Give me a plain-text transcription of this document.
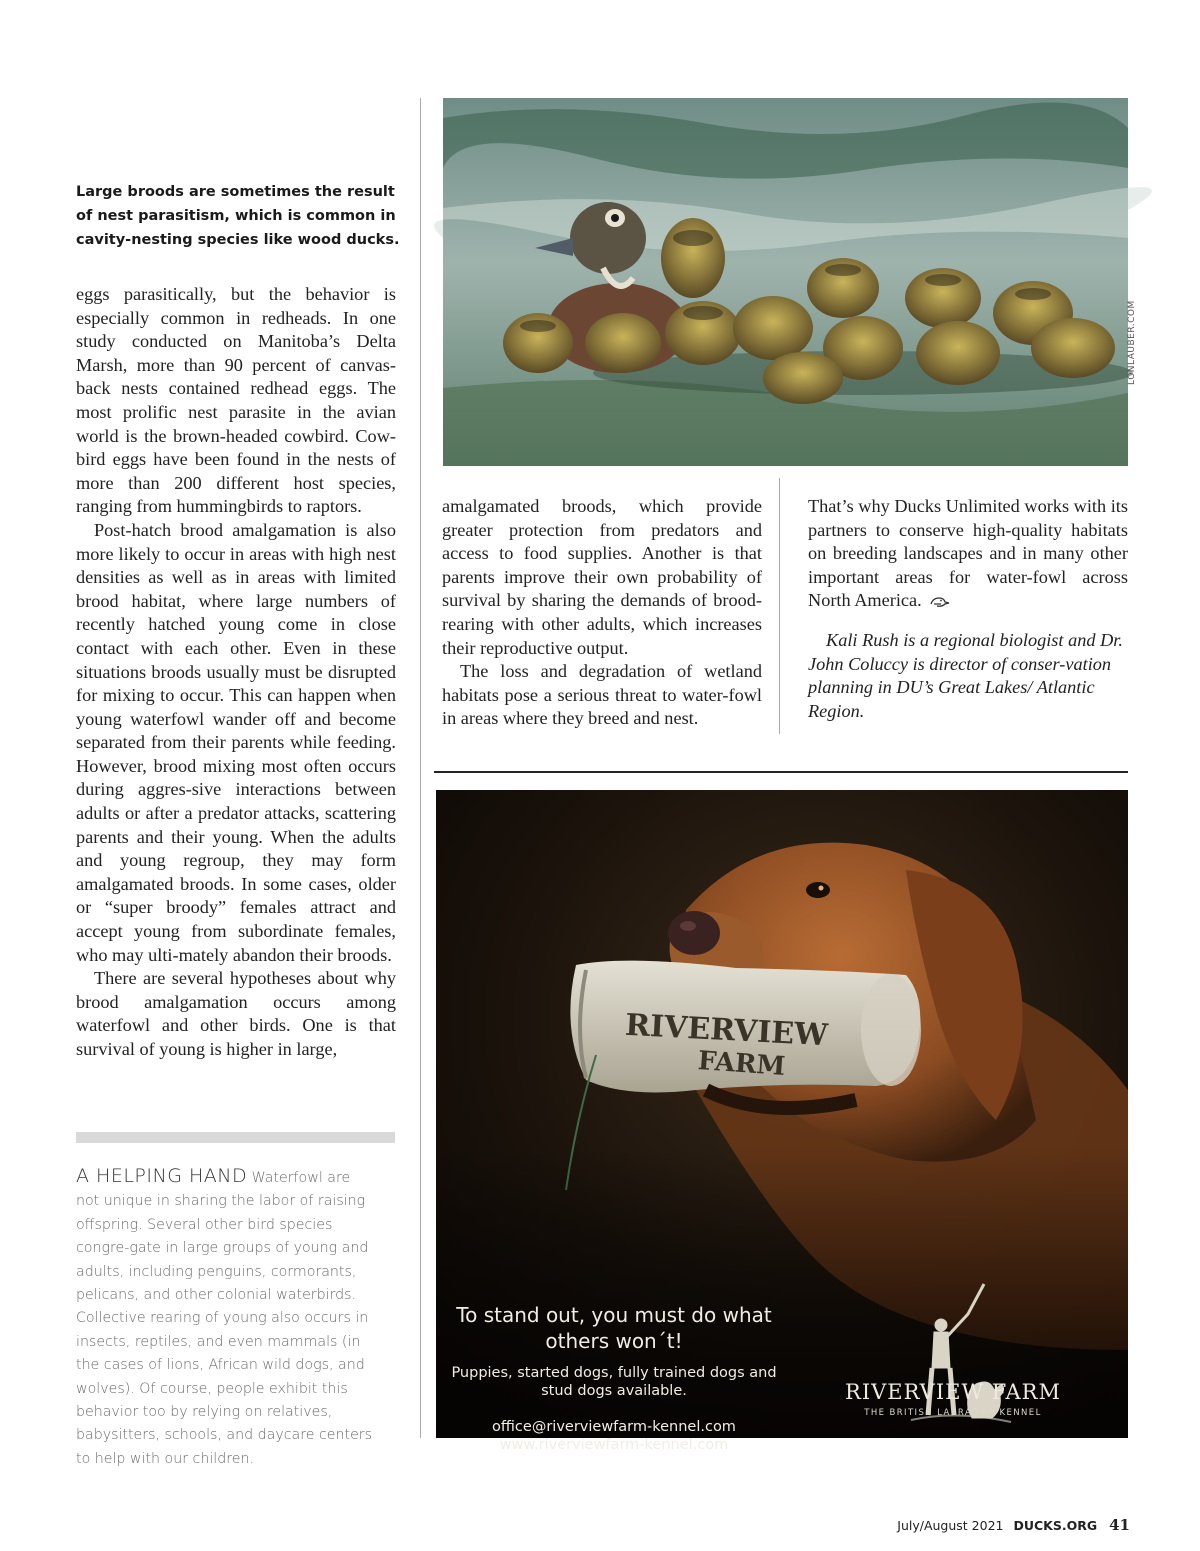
Large broods are sometimes the result of nest parasitism, which is common in cavity-nesting species like wood ducks.

eggs parasitically, but the behavior is especially common in redheads. In one study conducted on Manitoba’s Delta Marsh, more than 90 percent of canvas-back nests contained redhead eggs. The most prolific nest parasite in the avian world is the brown-headed cowbird. Cow-bird eggs have been found in the nests of more than 200 different host species, ranging from hummingbirds to raptors.

Post-hatch brood amalgamation is also more likely to occur in areas with high nest densities as well as in areas with limited brood habitat, where large numbers of recently hatched young come in close contact with each other. Even in these situations broods usually must be disrupted for mixing to occur. This can happen when young waterfowl wander off and become separated from their parents while feeding. However, brood mixing most often occurs during aggres-sive interactions between adults or after a predator attacks, scattering parents and their young. When the adults and young regroup, they may form amalgamated broods. In some cases, older or “super broody” females attract and accept young from subordinate females, who may ulti-mately abandon their broods.

There are several hypotheses about why brood amalgamation occurs among waterfowl and other birds. One is that survival of young is higher in large,

LONLAUBER.COM

amalgamated broods, which provide greater protection from predators and access to food supplies. Another is that parents improve their own probability of survival by sharing the demands of brood-rearing with other adults, which increases their reproductive output.

The loss and degradation of wetland habitats pose a serious threat to water-fowl in areas where they breed and nest.

That’s why Ducks Unlimited works with its partners to conserve high-quality habitats on breeding landscapes and in many other important areas for water-fowl across North America.

Kali Rush is a regional biologist and Dr. John Coluccy is director of conser-vation planning in DU’s Great Lakes/ Atlantic Region.

To stand out, you must do what others won´t!
Puppies, started dogs, fully trained dogs and stud dogs available.
office@riverviewfarm-kennel.com
www.riverviewfarm-kennel.com
RIVERVIEW FARM
THE BRITISH LABRADOR KENNEL
A HELPING HAND Waterfowl are not unique in sharing the labor of raising offspring. Several other bird species congre-gate in large groups of young and adults, including penguins, cormorants, pelicans, and other colonial waterbirds. Collective rearing of young also occurs in insects, reptiles, and even mammals (in the cases of lions, African wild dogs, and wolves). Of course, people exhibit this behavior too by relying on relatives, babysitters, schools, and daycare centers to help with our children.
July/August 2021 DUCKS.ORG 41
